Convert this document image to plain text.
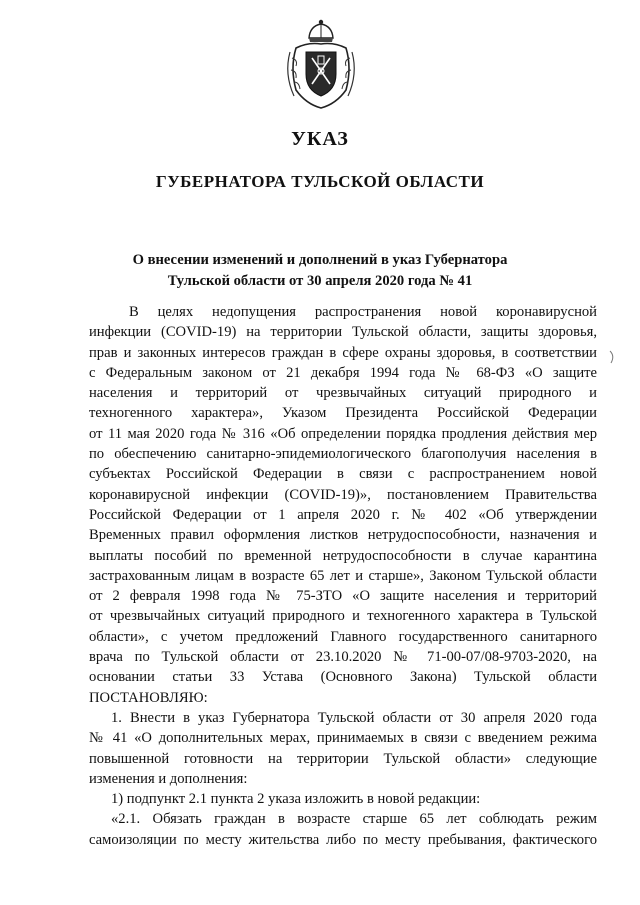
УКАЗ
ГУБЕРНАТОРА ТУЛЬСКОЙ ОБЛАСТИ
О внесении изменений и дополнений в указ Губернатора
Тульской области от 30 апреля 2020 года № 41
В целях недопущения распространения новой коронавирусной
инфекции (COVID-19) на территории Тульской области, защиты здоровья,
прав и законных интересов граждан в сфере охраны здоровья, в соответствии
с Федеральным законом от 21 декабря 1994 года № 68-ФЗ «О защите
населения и территорий от чрезвычайных ситуаций природного и
техногенного характера», Указом Президента Российской Федерации
от 11 мая 2020 года № 316 «Об определении порядка продления действия мер
по обеспечению санитарно-эпидемиологического благополучия населения в
субъектах Российской Федерации в связи с распространением новой
коронавирусной инфекции (COVID-19)», постановлением Правительства
Российской Федерации от 1 апреля 2020 г. № 402 «Об утверждении
Временных правил оформления листков нетрудоспособности, назначения и
выплаты пособий по временной нетрудоспособности в случае карантина
застрахованным лицам в возрасте 65 лет и старше», Законом Тульской области
от 2 февраля 1998 года № 75-ЗТО «О защите населения и территорий
от чрезвычайных ситуаций природного и техногенного характера в Тульской
области», с учетом предложений Главного государственного санитарного
врача по Тульской области от 23.10.2020 № 71-00-07/08-9703-2020, на
основании статьи 33 Устава (Основного Закона) Тульской области
ПОСТАНОВЛЯЮ:
1. Внести в указ Губернатора Тульской области от 30 апреля 2020 года
№ 41 «О дополнительных мерах, принимаемых в связи с введением режима
повышенной готовности на территории Тульской области» следующие
изменения и дополнения:
1) подпункт 2.1 пункта 2 указа изложить в новой редакции:
«2.1. Обязать граждан в возрасте старше 65 лет соблюдать режим
самоизоляции по месту жительства либо по месту пребывания, фактического
